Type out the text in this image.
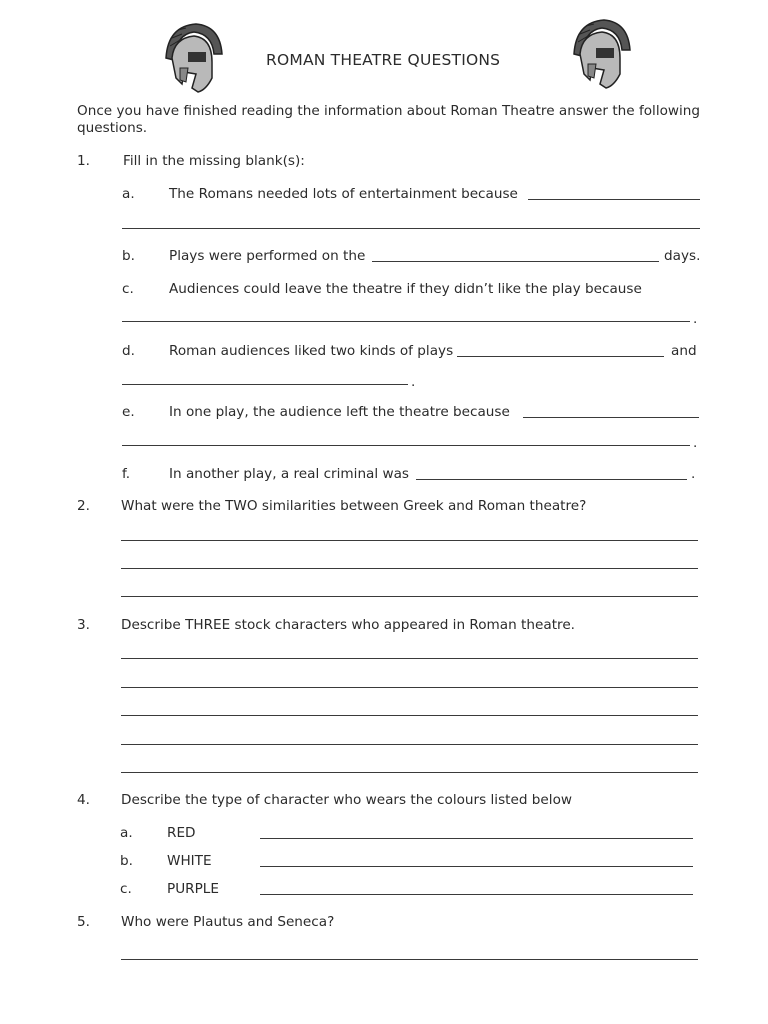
ROMAN THEATRE QUESTIONS
Once you have finished reading the information about Roman Theatre answer the following
questions.
1. Fill in the missing blank(s):
a.	The Romans needed lots of entertainment because
b.	Plays were performed on the	days.
c.	Audiences could leave the theatre if they didn’t like the play because
.
d.	Roman audiences liked two kinds of plays	and
.
e.	In one play, the audience left the theatre because
.
f.	In another play, a real criminal was	.
2. What were the TWO similarities between Greek and Roman theatre?
3. Describe THREE stock characters who appeared in Roman theatre.
4. Describe the type of character who wears the colours listed below
a.	RED
b.	WHITE
c.	PURPLE
5. Who were Plautus and Seneca?
